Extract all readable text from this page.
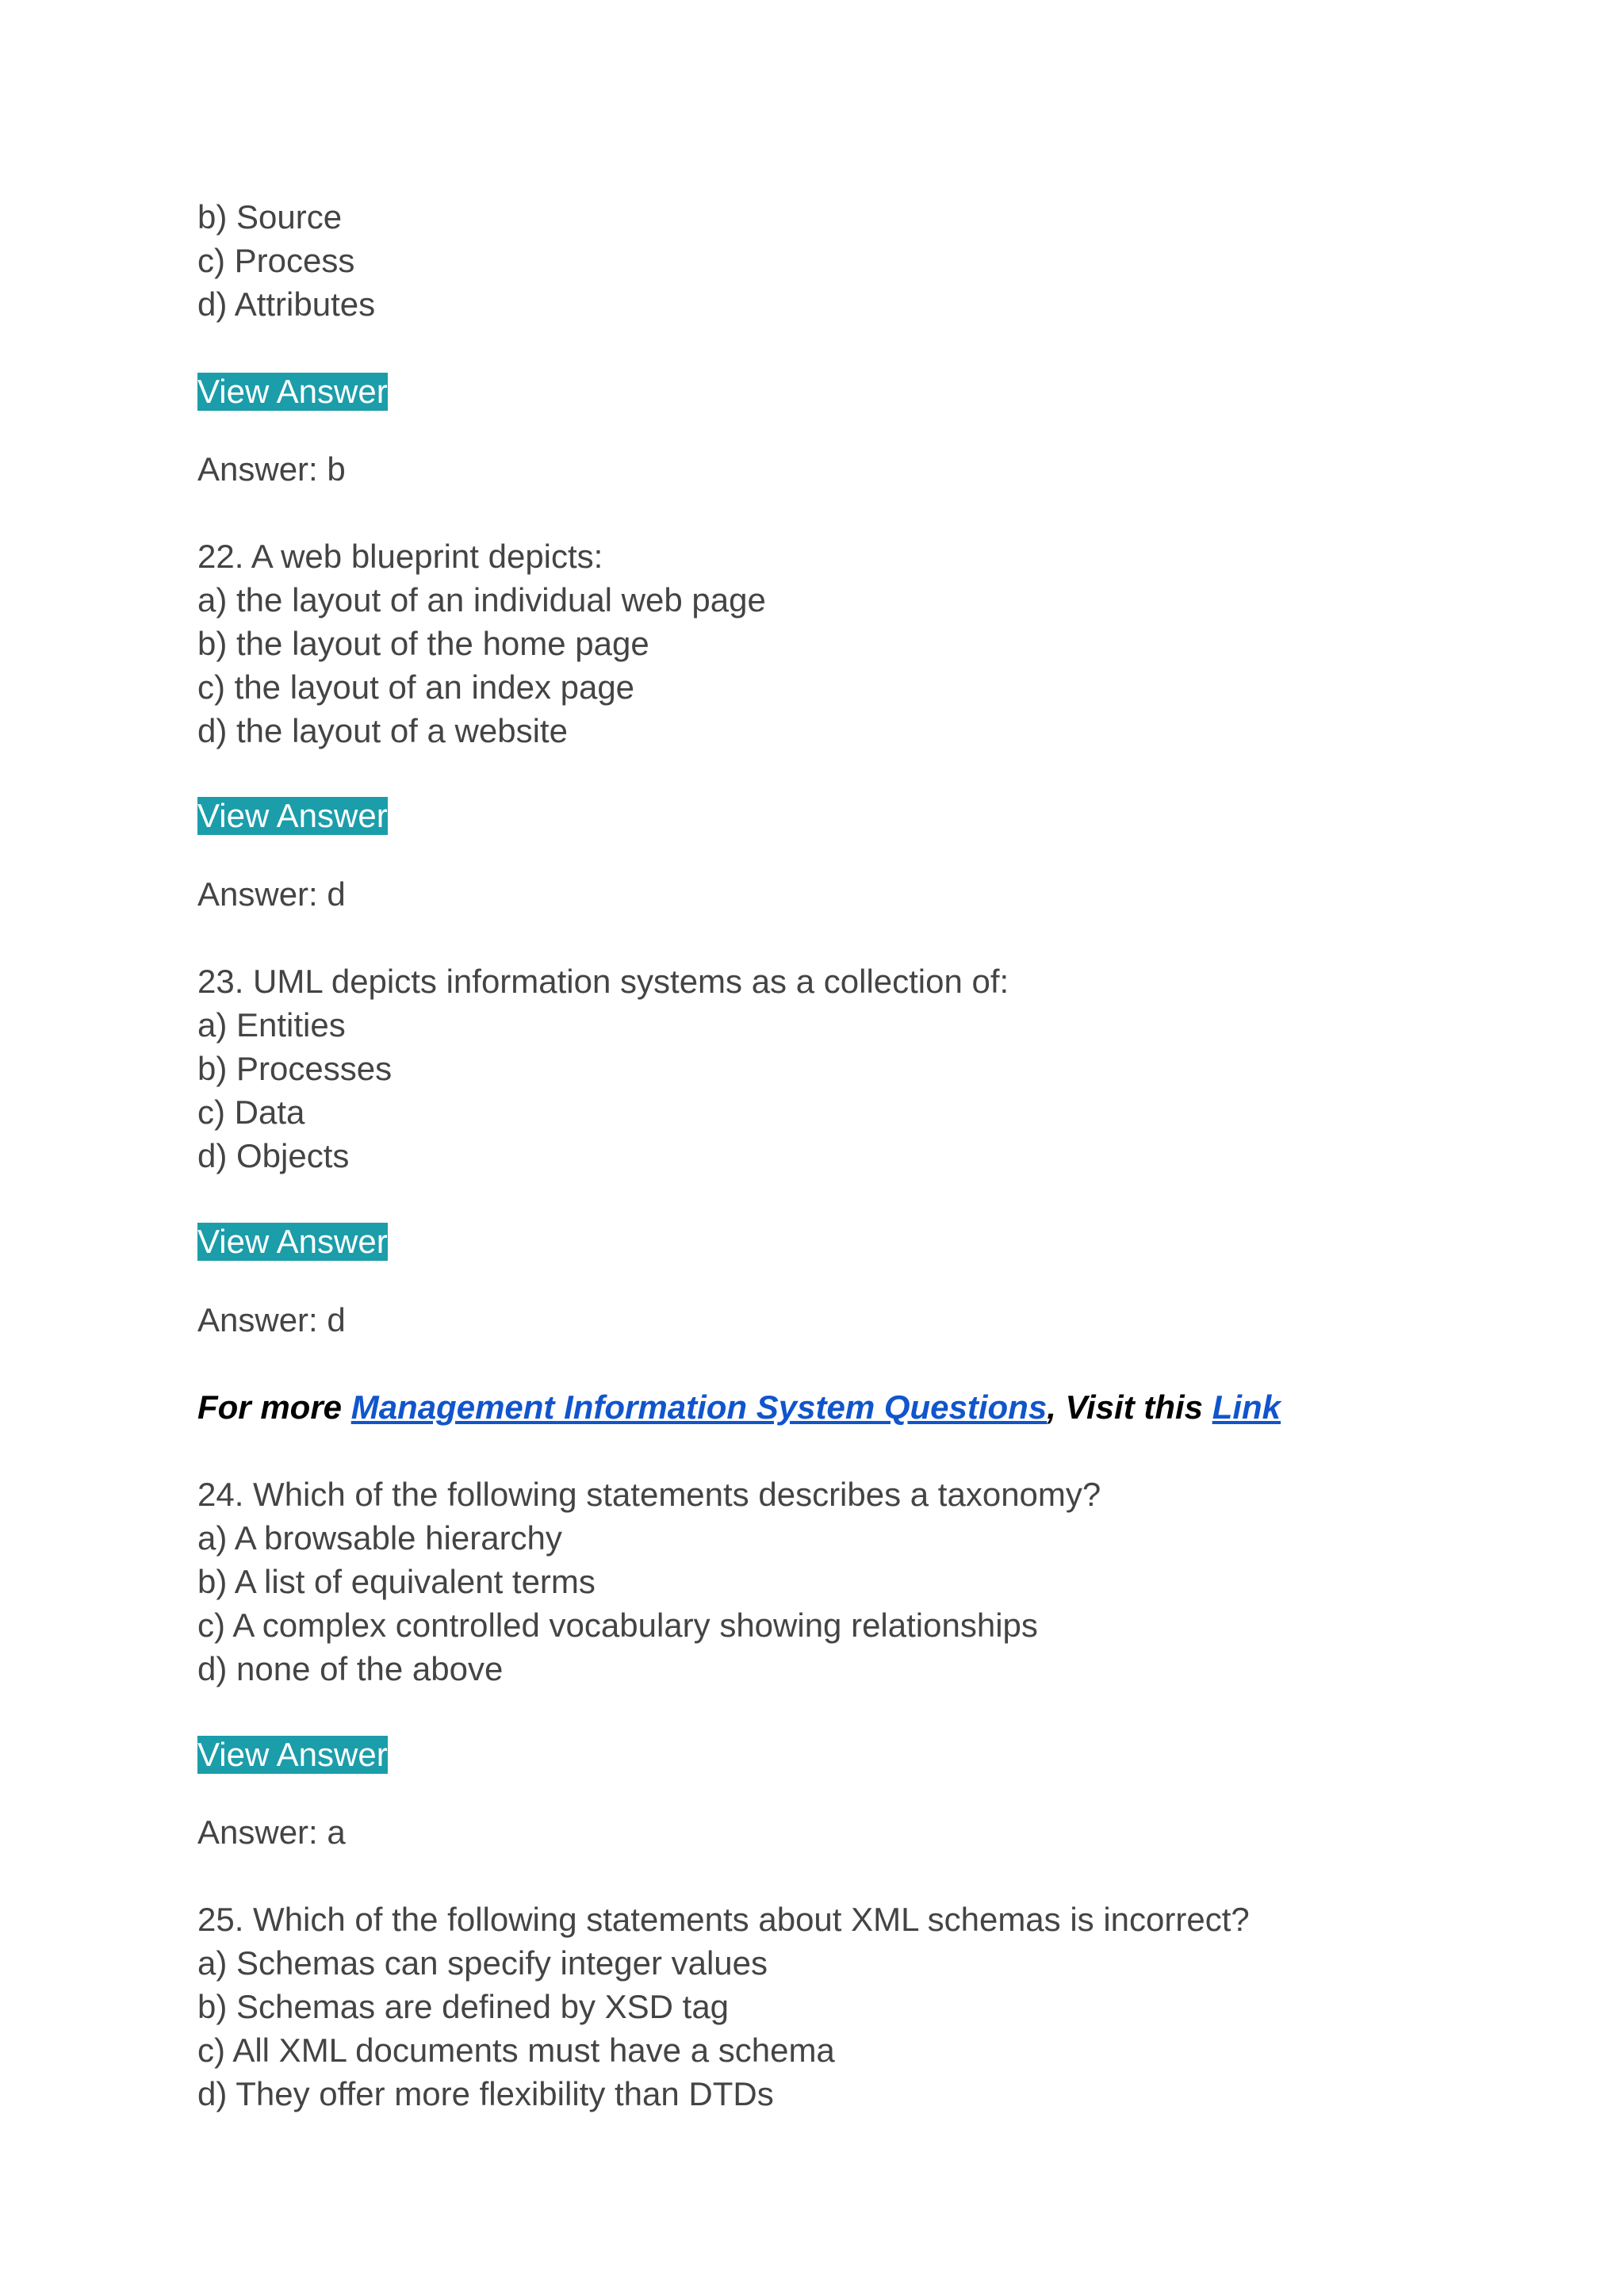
b) Source
c) Process
d) Attributes
View Answer
Answer: b
22. A web blueprint depicts:
a) the layout of an individual web page
b) the layout of the home page
c) the layout of an index page
d) the layout of a website
View Answer
Answer: d
23. UML depicts information systems as a collection of:
a) Entities
b) Processes
c) Data
d) Objects
View Answer
Answer: d
For more Management Information System Questions, Visit this Link
24. Which of the following statements describes a taxonomy?
a) A browsable hierarchy
b) A list of equivalent terms
c) A complex controlled vocabulary showing relationships
d) none of the above
View Answer
Answer: a
25. Which of the following statements about XML schemas is incorrect?
a) Schemas can specify integer values
b) Schemas are defined by XSD tag
c) All XML documents must have a schema
d) They offer more flexibility than DTDs
